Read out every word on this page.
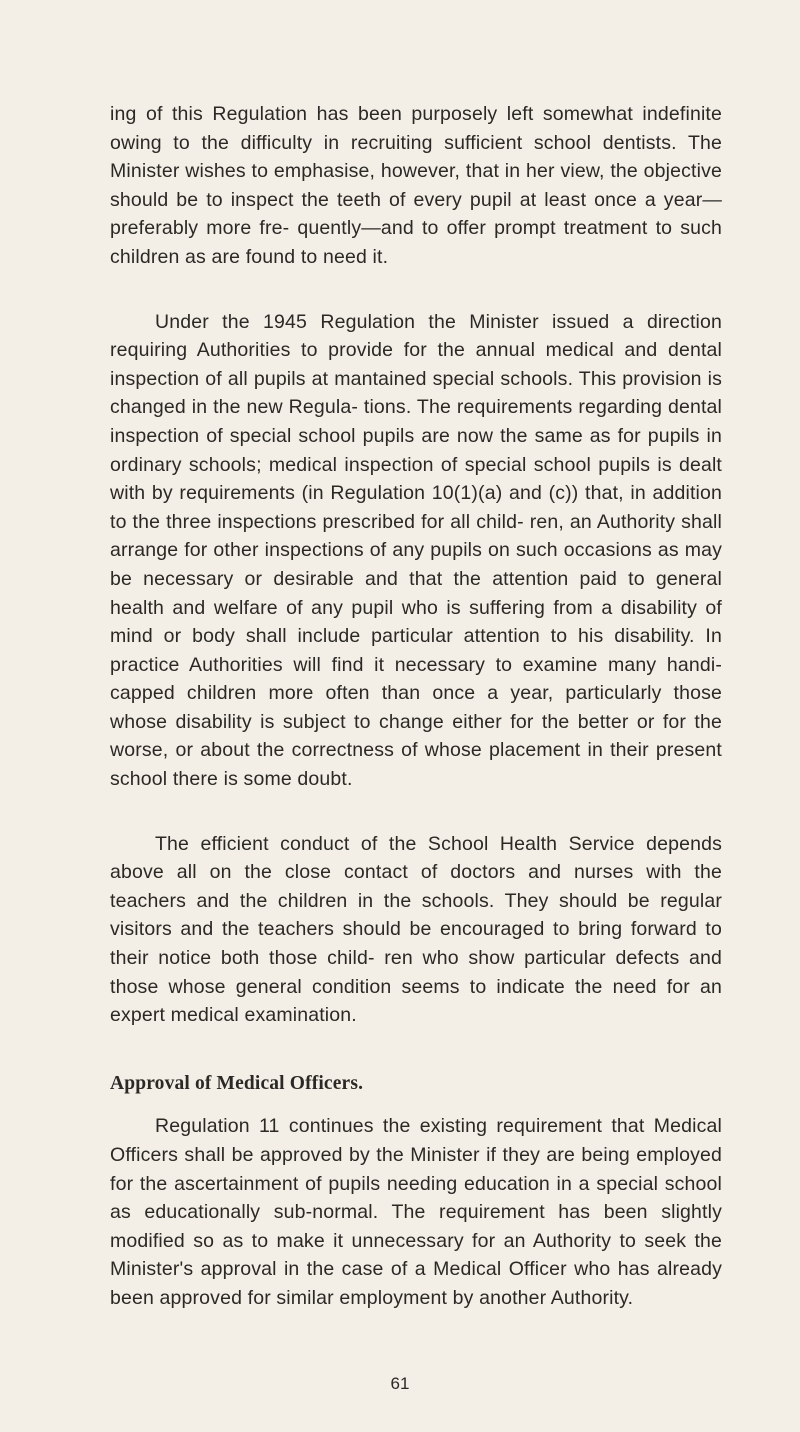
ing of this Regulation has been purposely left somewhat indefinite owing to the difficulty in recruiting sufficient school dentists. The Minister wishes to emphasise, however, that in her view, the objective should be to inspect the teeth of every pupil at least once a year—preferably more fre- quently—and to offer prompt treatment to such children as are found to need it.

Under the 1945 Regulation the Minister issued a direction requiring Authorities to provide for the annual medical and dental inspection of all pupils at mantained special schools. This provision is changed in the new Regula- tions. The requirements regarding dental inspection of special school pupils are now the same as for pupils in ordinary schools; medical inspection of special school pupils is dealt with by requirements (in Regulation 10(1)(a) and (c)) that, in addition to the three inspections prescribed for all child- ren, an Authority shall arrange for other inspections of any pupils on such occasions as may be necessary or desirable and that the attention paid to general health and welfare of any pupil who is suffering from a disability of mind or body shall include particular attention to his disability. In practice Authorities will find it necessary to examine many handi- capped children more often than once a year, particularly those whose disability is subject to change either for the better or for the worse, or about the correctness of whose placement in their present school there is some doubt.

The efficient conduct of the School Health Service depends above all on the close contact of doctors and nurses with the teachers and the children in the schools. They should be regular visitors and the teachers should be encouraged to bring forward to their notice both those child- ren who show particular defects and those whose general condition seems to indicate the need for an expert medical examination.

Approval of Medical Officers.

Regulation 11 continues the existing requirement that Medical Officers shall be approved by the Minister if they are being employed for the ascertainment of pupils needing education in a special school as educationally sub-normal. The requirement has been slightly modified so as to make it unnecessary for an Authority to seek the Minister's approval in the case of a Medical Officer who has already been approved for similar employment by another Authority.

61
